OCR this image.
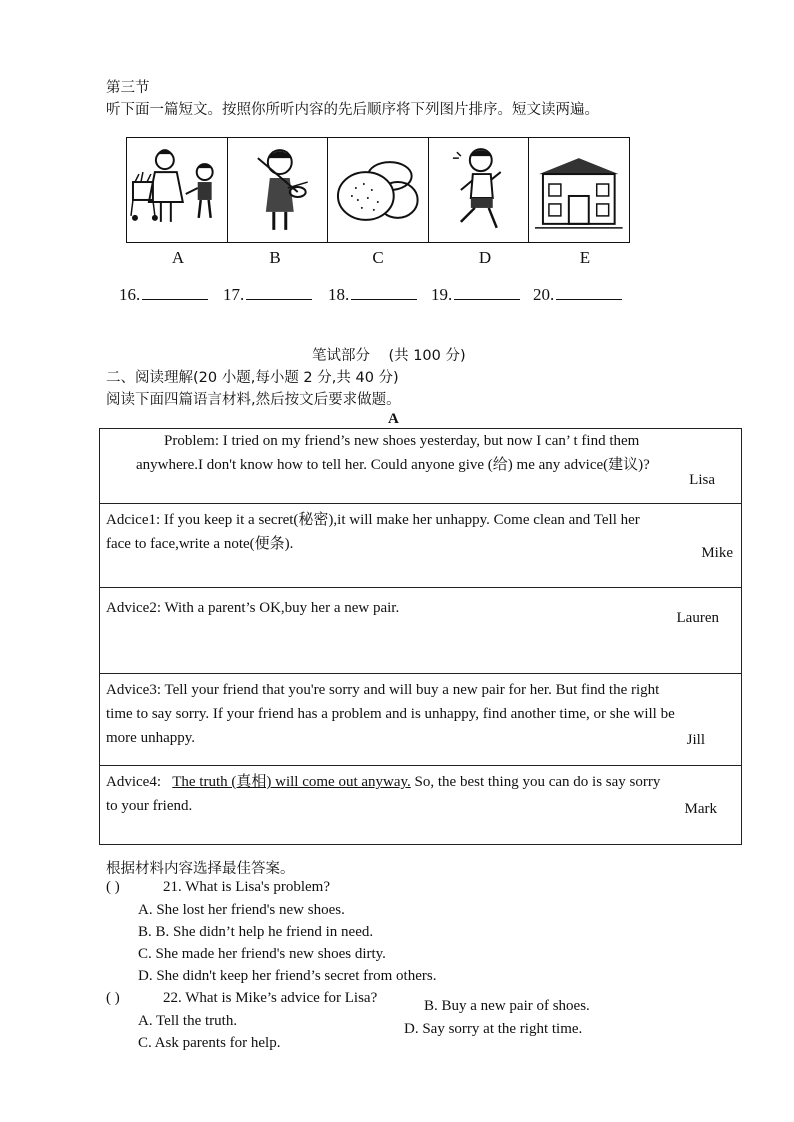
第三节
听下面一篇短文。按照你所听内容的先后顺序将下列图片排序。短文读两遍。
A	B	C	D	E
16.	17.	18.	19.	20.
笔试部分 (共 100 分)
二、阅读理解(20 小题,每小题 2 分,共 40 分)
阅读下面四篇语言材料,然后按文后要求做题。
A
Problem: I tried on my friend’s new shoes yesterday, but now I can’ t find them
anywhere.I don't know how to tell her. Could anyone give (给) me any advice(建议)?
Lisa
Adcice1: If you keep it a secret(秘密),it will make her unhappy. Come clean and Tell her
face to face,write a note(便条).
Mike
Advice2: With a parent’s OK,buy her a new pair.
Lauren
Advice3: Tell your friend that you're sorry and will buy a new pair for her. But find the right
time to say sorry. If your friend has a problem and is unhappy, find another time, or she will be
more unhappy.	Jill
Advice4: The truth (真相) will come out anyway. So, the best thing you can do is say sorry
to your friend.	Mark
根据材料内容选择最佳答案。
( )	21. What is Lisa's problem?
A. She lost her friend's new shoes.
B. B. She didn’t help he friend in need.
C. She made her friend's new shoes dirty.
D. She didn't keep her friend’s secret from others.
( )	22. What is Mike’s advice for Lisa?
A. Tell the truth.
B. Buy a new pair of shoes.
C. Ask parents for help.
D. Say sorry at the right time.
